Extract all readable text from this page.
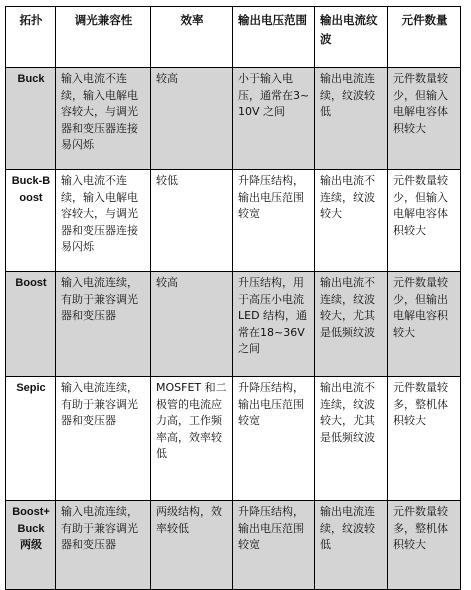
拓扑	调光兼容性	效率	输出电压范围	输出电流纹波	元件数量
Buck	输入电流不连续，输入电解电容较大，与调光器和变压器连接易闪烁	较高	小于输入电压，通常在3~10V 之间	输出电流连续，纹波较低	元件数量较少，但输入电解电容体积较大
Buck-Boost	输入电流不连续，输入电解电容较大，与调光器和变压器连接易闪烁	较低	升降压结构，输出电压范围较宽	输出电流不连续，纹波较大	元件数量较少，但输入电解电容体积较大
Boost	输入电流连续，有助于兼容调光器和变压器	较高	升压结构，用于高压小电流 LED 结构，通常在18~36V 之间	输出电流不连续，纹波较大，尤其是低频纹波	元件数量较少，但输出电解电容积较大
Sepic	输入电流连续，有助于兼容调光器和变压器	MOSFET 和二极管的电流应力高，工作频率高，效率较低	升降压结构，输出电压范围较宽	输出电流不连续，纹波较大，尤其是低频纹波	元件数量较多，整机体积较大
Boost+Buck 两级	输入电流连续，有助于兼容调光器和变压器	两级结构，效率较低	升降压结构，输出电压范围较宽	输出电流连续，纹波较低	元件数量较多，整机体积较大
